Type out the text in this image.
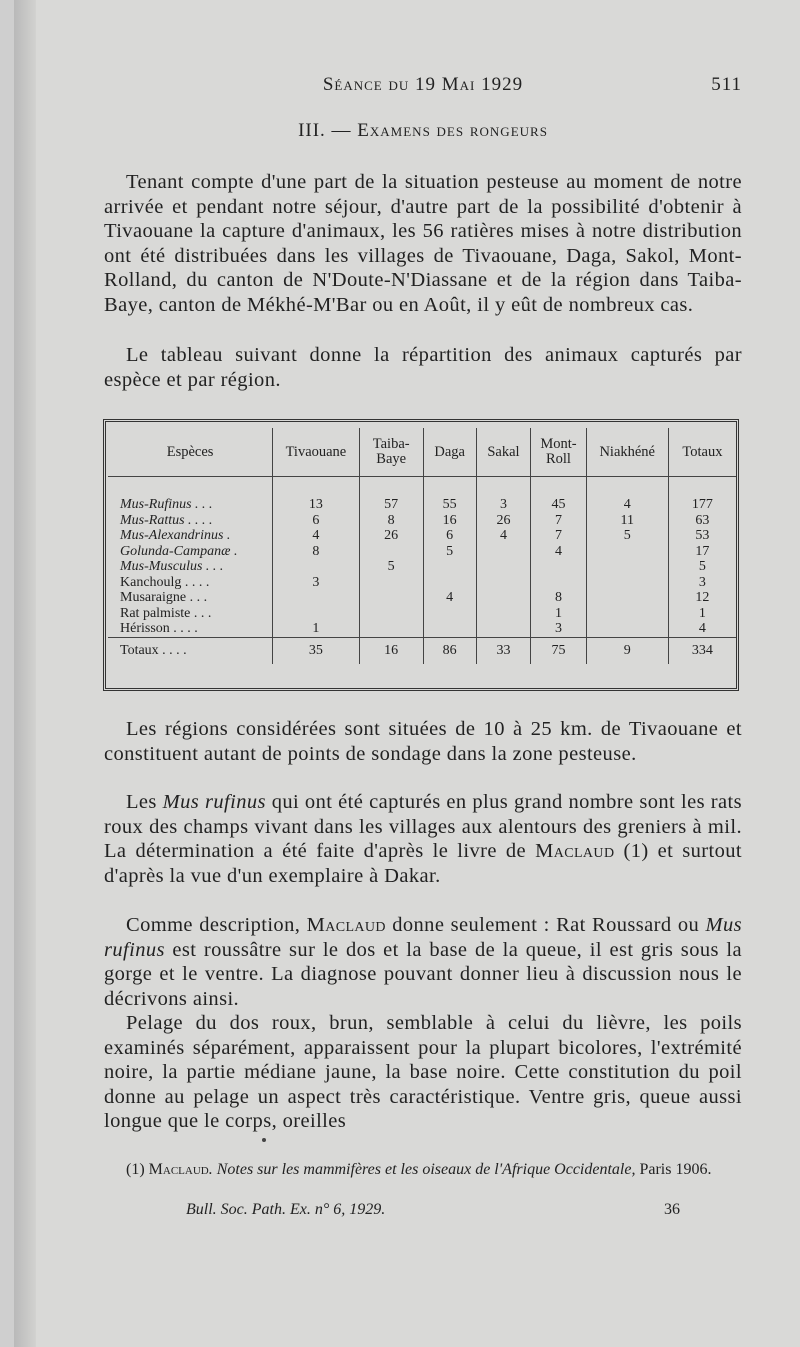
Séance du 19 Mai 1929	511
III. — Examens des rongeurs

Tenant compte d'une part de la situation pesteuse au moment de notre arrivée et pendant notre séjour, d'autre part de la possibilité d'obtenir à Tivaouane la capture d'animaux, les 56 ratières mises à notre distribution ont été distribuées dans les villages de Tivaouane, Daga, Sakol, Mont-Rolland, du canton de N'Doute-N'Diassane et de la région dans Taiba-Baye, canton de Mékhé-M'Bar ou en Août, il y eût de nombreux cas.

Le tableau suivant donne la répartition des animaux capturés par espèce et par région.

Espèces	Tivaouane	Taiba-Baye	Daga	Sakal	Mont-Roll	Niakhéné	Totaux

Mus-Rufinus . . .	13	57	55	3	45	4	177
Mus-Rattus . . . .	6	8	16	26	7	11	63
Mus-Alexandrinus .	4	26	6	4	7	5	53
Golunda-Campanæ .	8		5		4		17
Mus-Musculus . . .		5					5
Kanchoulg . . . .	3						3
Musaraigne . . .			4		8		12
Rat palmiste . . .					1		1
Hérisson . . . .	1				3		4
Totaux . . . .	35	16	86	33	75	9	334

Les régions considérées sont situées de 10 à 25 km. de Tivaouane et constituent autant de points de sondage dans la zone pesteuse.

Les Mus rufinus qui ont été capturés en plus grand nombre sont les rats roux des champs vivant dans les villages aux alentours des greniers à mil. La détermination a été faite d'après le livre de Maclaud (1) et surtout d'après la vue d'un exemplaire à Dakar.

Comme description, Maclaud donne seulement : Rat Roussard ou Mus rufinus est roussâtre sur le dos et la base de la queue, il est gris sous la gorge et le ventre. La diagnose pouvant donner lieu à discussion nous le décrivons ainsi.

Pelage du dos roux, brun, semblable à celui du lièvre, les poils examinés séparément, apparaissent pour la plupart bicolores, l'extrémité noire, la partie médiane jaune, la base noire. Cette constitution du poil donne au pelage un aspect très caractéristique. Ventre gris, queue aussi longue que le corps, oreilles

(1) Maclaud. Notes sur les mammifères et les oiseaux de l'Afrique Occidentale, Paris 1906.

Bull. Soc. Path. Ex. n° 6, 1929.	36
